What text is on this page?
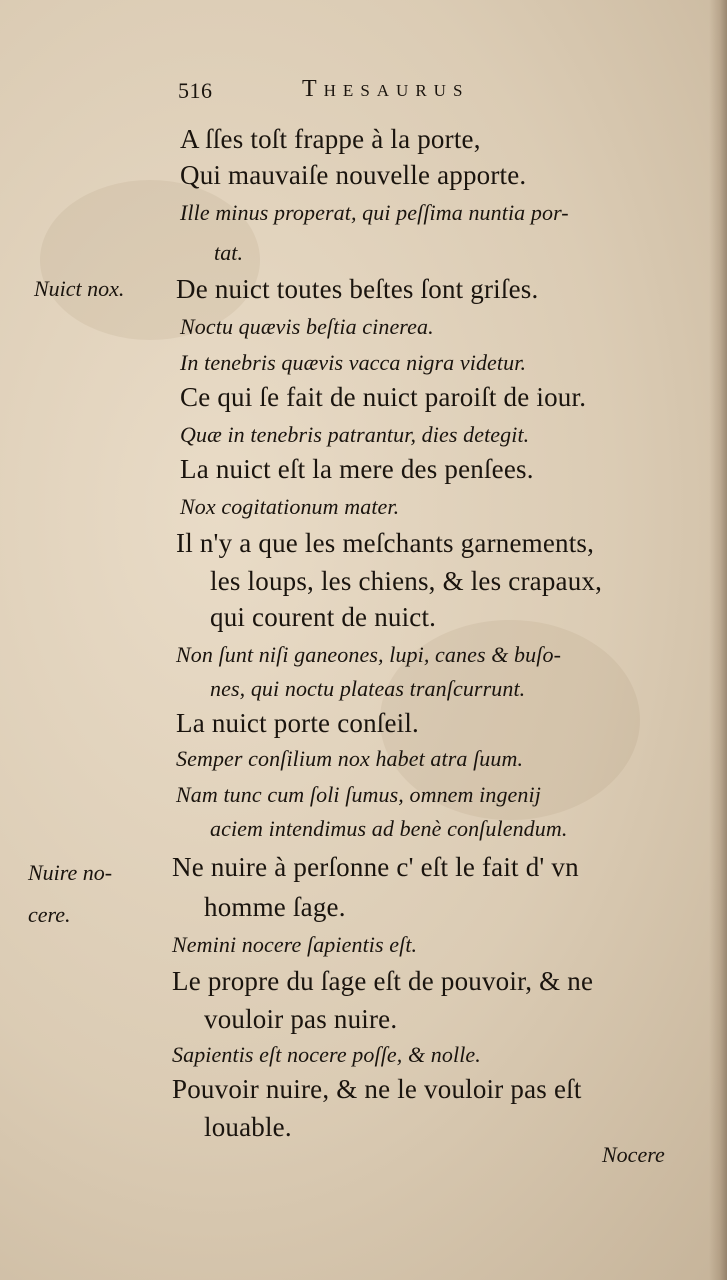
516	Thesaurus
Nuict nox.
Nuire no-
cere.
A ſſes toſt frappe à la porte,
Qui mauvaiſe nouvelle apporte.
Ille minus properat, qui peſſima nuntia por-
tat.
De nuict toutes beſtes ſont griſes.
Noctu quævis beſtia cinerea.
In tenebris quævis vacca nigra videtur.
Ce qui ſe fait de nuict paroiſt de iour.
Quæ in tenebris patrantur, dies detegit.
La nuict eſt la mere des penſees.
Nox cogitationum mater.
Il n'y a que les meſchants garnements,
les loups, les chiens, & les crapaux,
qui courent de nuict.
Non ſunt niſi ganeones, lupi, canes & buſo-
nes, qui noctu plateas tranſcurrunt.
La nuict porte conſeil.
Semper conſilium nox habet atra ſuum.
Nam tunc cum ſoli ſumus, omnem ingenij
aciem intendimus ad benè conſulendum.
Ne nuire à perſonne c' eſt le fait d' vn
homme ſage.
Nemini nocere ſapientis eſt.
Le propre du ſage eſt de pouvoir, & ne
vouloir pas nuire.
Sapientis eſt nocere poſſe, & nolle.
Pouvoir nuire, & ne le vouloir pas eſt
louable.
Nocere
